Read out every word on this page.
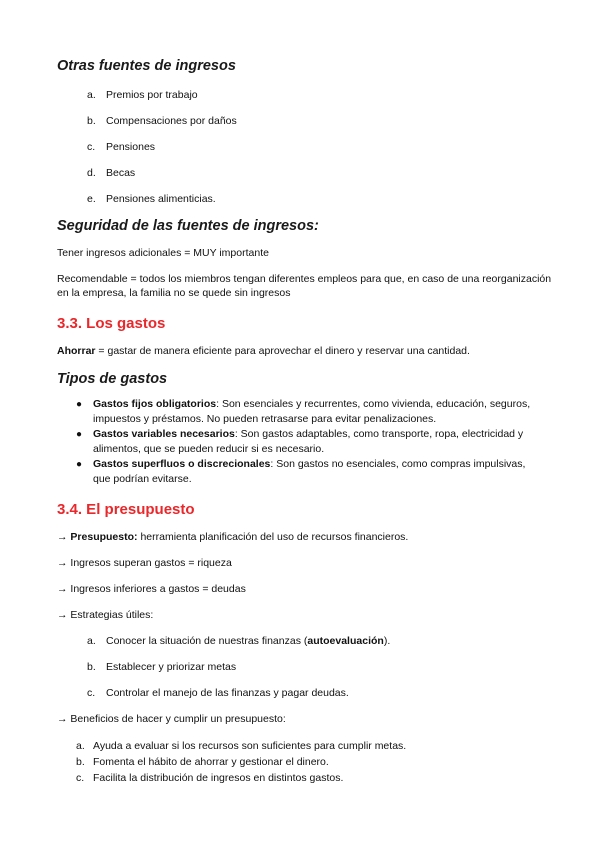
Otras fuentes de ingresos
a. Premios por trabajo
b. Compensaciones por daños
c. Pensiones
d. Becas
e. Pensiones alimenticias.
Seguridad de las fuentes de ingresos:
Tener ingresos adicionales = MUY importante
Recomendable = todos los miembros tengan diferentes empleos para que, en caso de una reorganización en la empresa, la familia no se quede sin ingresos
3.3. Los gastos
Ahorrar = gastar de manera eficiente para aprovechar el dinero y reservar una cantidad.
Tipos de gastos
● Gastos fijos obligatorios: Son esenciales y recurrentes, como vivienda, educación, seguros, impuestos y préstamos. No pueden retrasarse para evitar penalizaciones.
● Gastos variables necesarios: Son gastos adaptables, como transporte, ropa, electricidad y alimentos, que se pueden reducir si es necesario.
● Gastos superfluos o discrecionales: Son gastos no esenciales, como compras impulsivas, que podrían evitarse.
3.4. El presupuesto
→ Presupuesto: herramienta planificación del uso de recursos financieros.
→ Ingresos superan gastos = riqueza
→ Ingresos inferiores a gastos = deudas
→ Estrategias útiles:
a. Conocer la situación de nuestras finanzas (autoevaluación).
b. Establecer y priorizar metas
c. Controlar el manejo de las finanzas y pagar deudas.
→ Beneficios de hacer y cumplir un presupuesto:
a. Ayuda a evaluar si los recursos son suficientes para cumplir metas.
b. Fomenta el hábito de ahorrar y gestionar el dinero.
c. Facilita la distribución de ingresos en distintos gastos.
